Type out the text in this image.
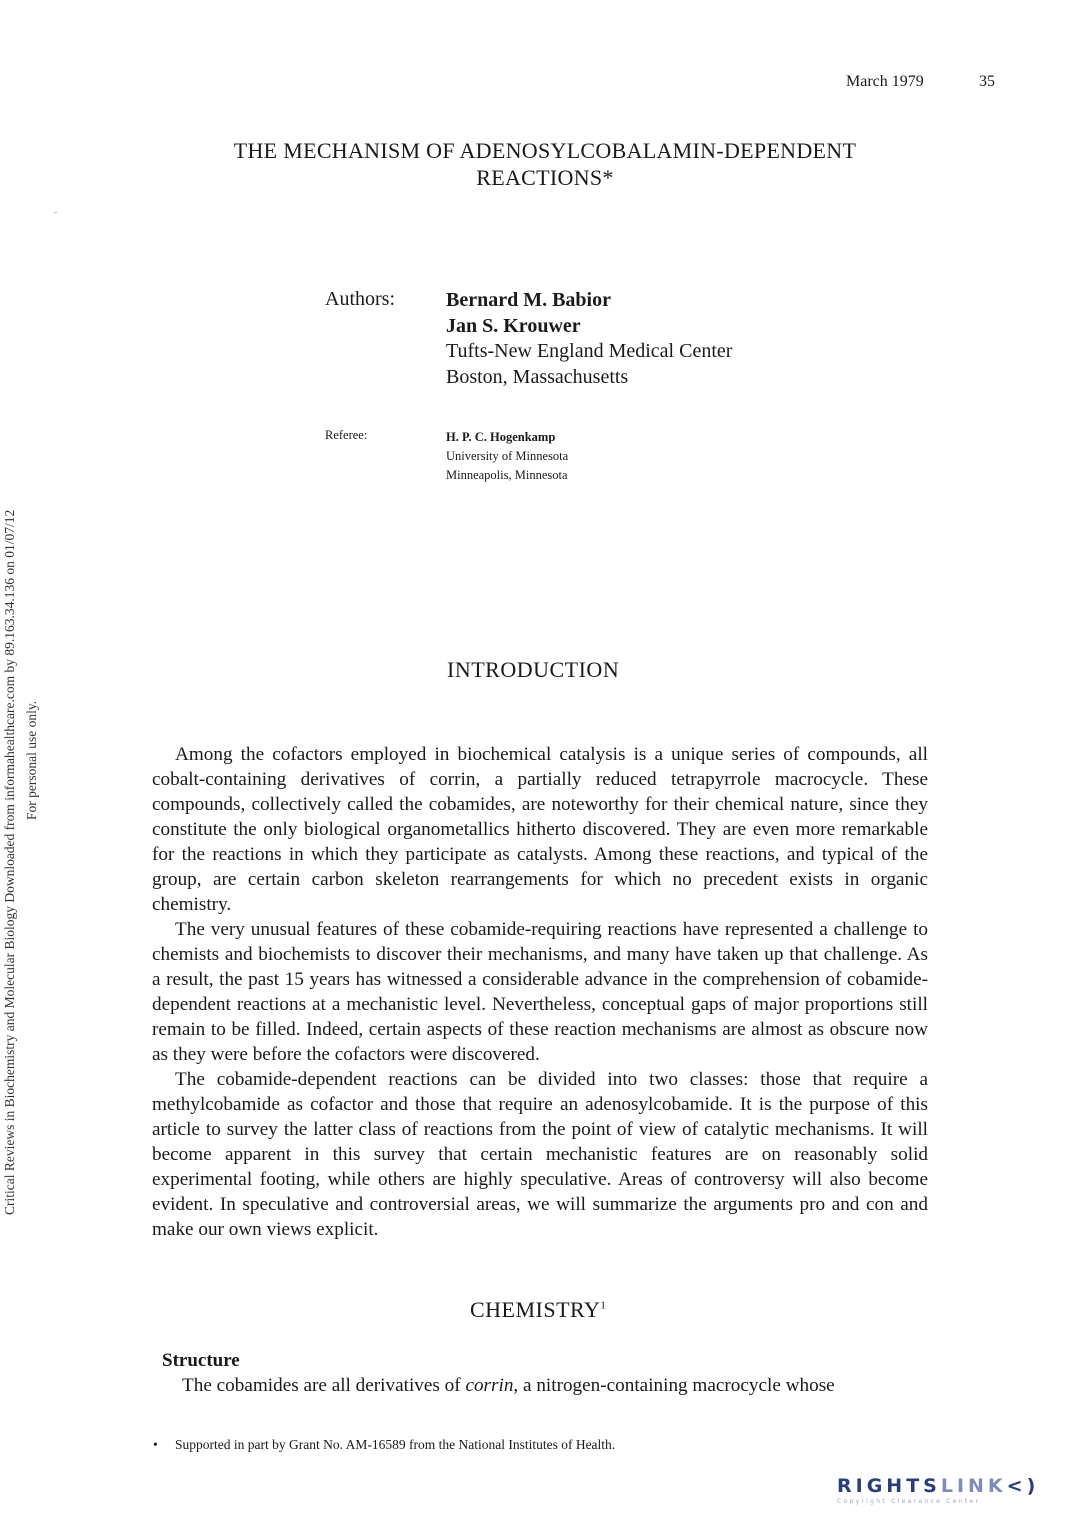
March 1979	35
THE MECHANISM OF ADENOSYLCOBALAMIN-DEPENDENT
REACTIONS*
Authors:	Bernard M. Babior
Jan S. Krouwer
Tufts-New England Medical Center
Boston, Massachusetts
Referee:	H. P. C. Hogenkamp
University of Minnesota
Minneapolis, Minnesota
Critical Reviews in Biochemistry and Molecular Biology Downloaded from informahealthcare.com by 89.163.34.136 on 01/07/12 For personal use only.
INTRODUCTION

Among the cofactors employed in biochemical catalysis is a unique series of compounds, all cobalt-containing derivatives of corrin, a partially reduced tetrapyrrole macrocycle. These compounds, collectively called the cobamides, are noteworthy for their chemical nature, since they constitute the only biological organometallics hitherto discovered. They are even more remarkable for the reactions in which they participate as catalysts. Among these reactions, and typical of the group, are certain carbon skeleton rearrangements for which no precedent exists in organic chemistry.

The very unusual features of these cobamide-requiring reactions have represented a challenge to chemists and biochemists to discover their mechanisms, and many have taken up that challenge. As a result, the past 15 years has witnessed a considerable advance in the comprehension of cobamide-dependent reactions at a mechanistic level. Nevertheless, conceptual gaps of major proportions still remain to be filled. Indeed, certain aspects of these reaction mechanisms are almost as obscure now as they were before the cofactors were discovered.

The cobamide-dependent reactions can be divided into two classes: those that require a methylcobamide as cofactor and those that require an adenosylcobamide. It is the purpose of this article to survey the latter class of reactions from the point of view of catalytic mechanisms. It will become apparent in this survey that certain mechanistic features are on reasonably solid experimental footing, while others are highly speculative. Areas of controversy will also become evident. In speculative and controversial areas, we will summarize the arguments pro and con and make our own views explicit.

CHEMISTRY$^1$
Structure
The cobamides are all derivatives of corrin, a nitrogen-containing macrocycle whose
• Supported in part by Grant No. AM-16589 from the National Institutes of Health.
RIGHTSLINK<)
Copyright Clearance Center
